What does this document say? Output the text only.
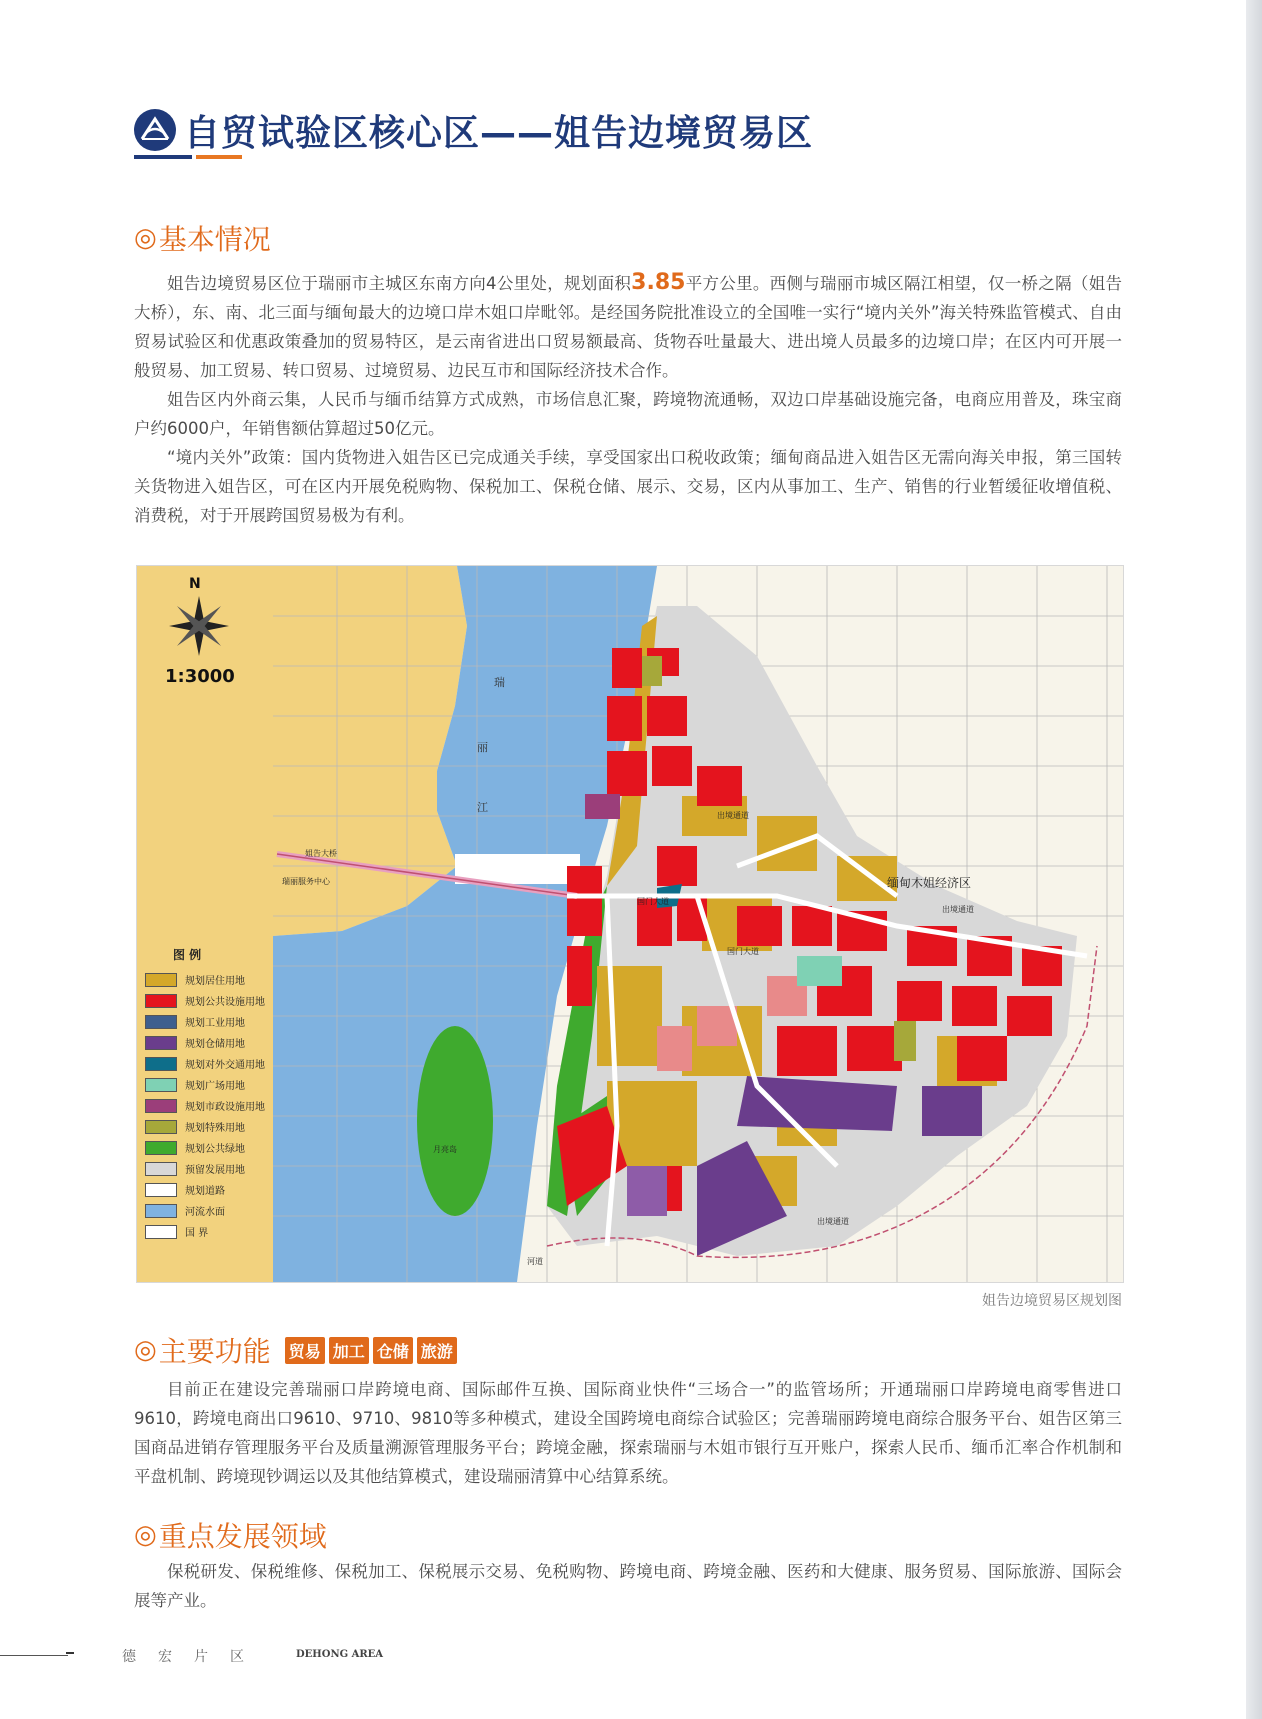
自贸试验区核心区——姐告边境贸易区
◎ 基本情况

姐告边境贸易区位于瑞丽市主城区东南方向4公里处，规划面积3.85平方公里。西侧与瑞丽市城区隔江相望，仅一桥之隔（姐告大桥），东、南、北三面与缅甸最大的边境口岸木姐口岸毗邻。是经国务院批准设立的全国唯一实行“境内关外”海关特殊监管模式、自由贸易试验区和优惠政策叠加的贸易特区，是云南省进出口贸易额最高、货物吞吐量最大、进出境人员最多的边境口岸；在区内可开展一般贸易、加工贸易、转口贸易、过境贸易、边民互市和国际经济技术合作。

姐告区内外商云集，人民币与缅币结算方式成熟，市场信息汇聚，跨境物流通畅，双边口岸基础设施完备，电商应用普及，珠宝商户约6000户，年销售额估算超过50亿元。

“境内关外”政策：国内货物进入姐告区已完成通关手续，享受国家出口税收政策；缅甸商品进入姐告区无需向海关申报，第三国转关货物进入姐告区，可在区内开展免税购物、保税加工、保税仓储、展示、交易，区内从事加工、生产、销售的行业暂缓征收增值税、消费税，对于开展跨国贸易极为有利。

瑞
丽
江
N
1:3000
缅甸木姐经济区
月亮岛
出境通道
出境通道
出境通道
姐告大桥
瑞丽服务中心
国门大道
国门大道
河道
图 例
规划居住用地
规划公共设施用地
规划工业用地
规划仓储用地
规划对外交通用地
规划广场用地
规划市政设施用地
规划特殊用地
规划公共绿地
预留发展用地
规划道路
河流水面
国 界
姐告边境贸易区规划图
◎ 主要功能 贸易 加工 仓储 旅游

目前正在建设完善瑞丽口岸跨境电商、国际邮件互换、国际商业快件“三场合一”的监管场所；开通瑞丽口岸跨境电商零售进口9610，跨境电商出口9610、9710、9810等多种模式，建设全国跨境电商综合试验区；完善瑞丽跨境电商综合服务平台、姐告区第三国商品进销存管理服务平台及质量溯源管理服务平台；跨境金融，探索瑞丽与木姐市银行互开账户，探索人民币、缅币汇率合作机制和平盘机制、跨境现钞调运以及其他结算模式，建设瑞丽清算中心结算系统。

◎ 重点发展领域

保税研发、保税维修、保税加工、保税展示交易、免税购物、跨境电商、跨境金融、医药和大健康、服务贸易、国际旅游、国际会展等产业。

德宏片区	DEHONG AREA
